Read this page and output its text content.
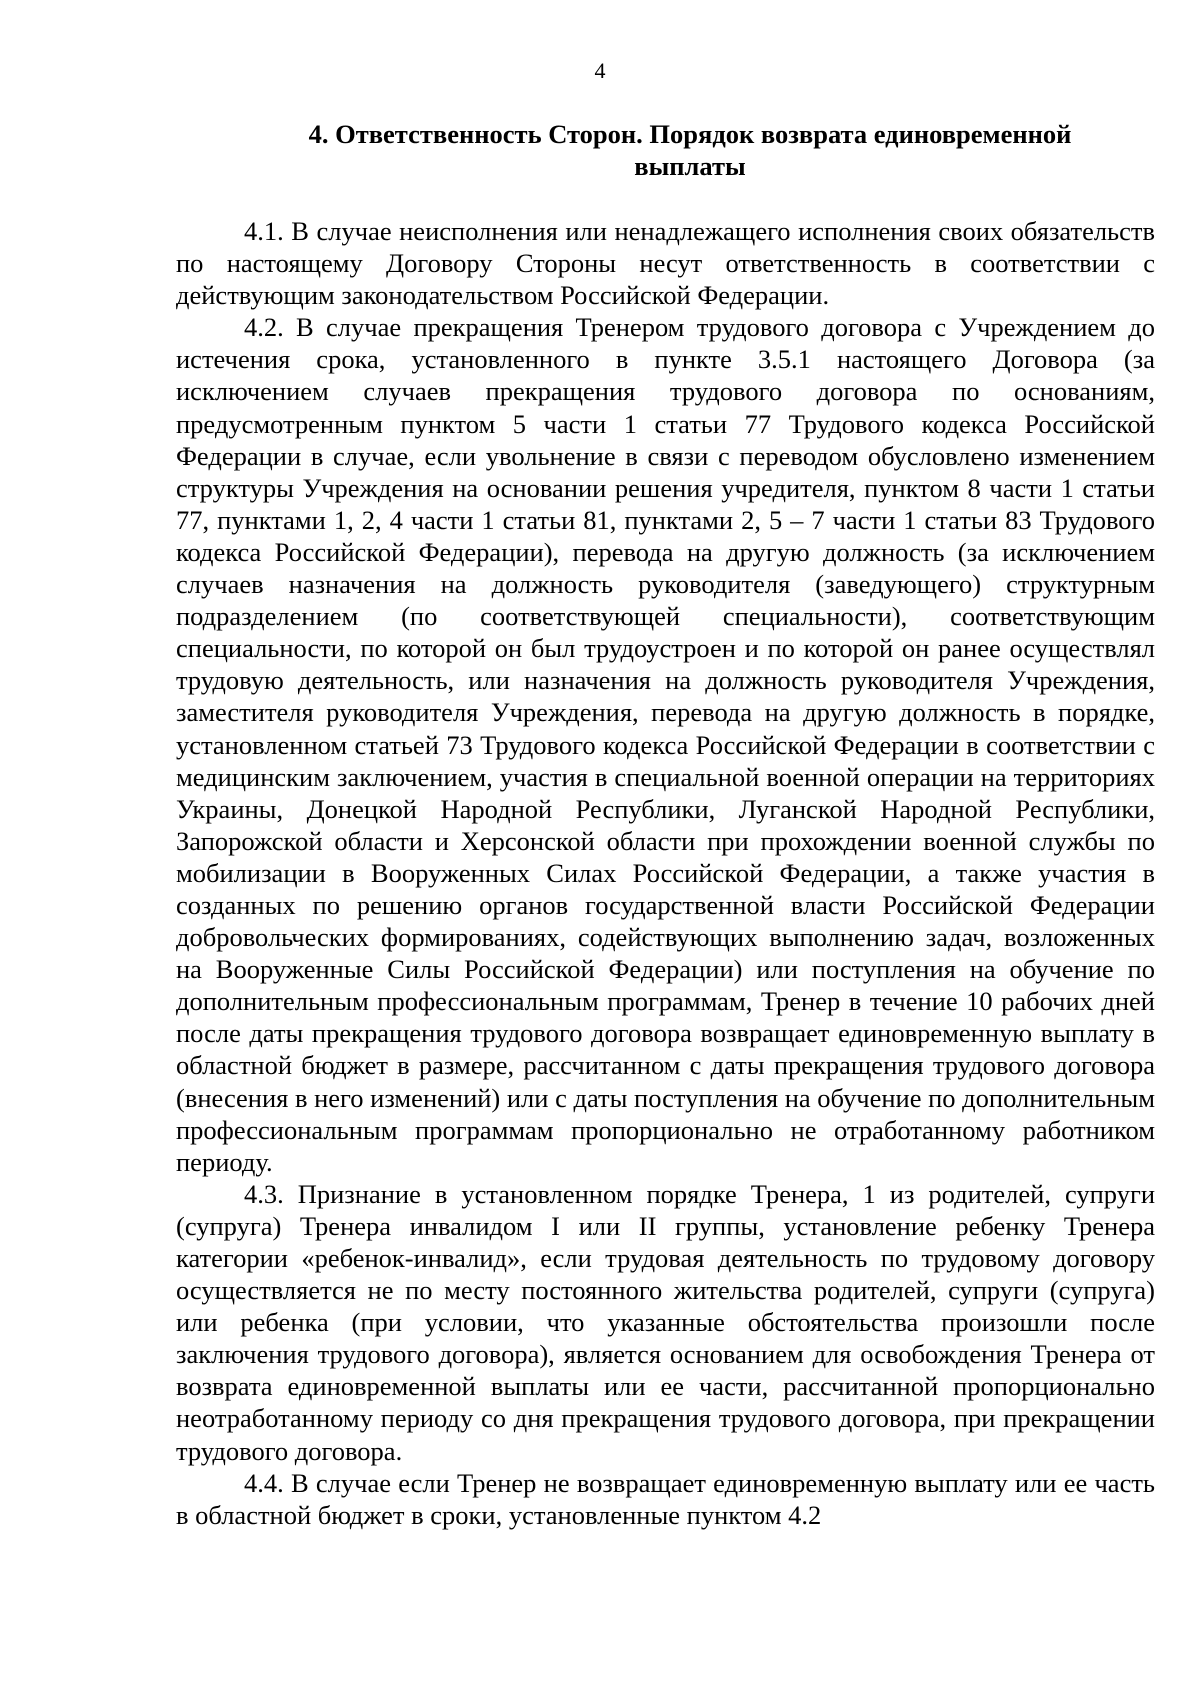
4
4. Ответственность Сторон. Порядок возврата единовременной выплаты

4.1. В случае неисполнения или ненадлежащего исполнения своих обязательств по настоящему Договору Стороны несут ответственность в соответствии с действующим законодательством Российской Федерации.

4.2. В случае прекращения Тренером трудового договора с Учреждением до истечения срока, установленного в пункте 3.5.1 настоящего Договора (за исключением случаев прекращения трудового договора по основаниям, предусмотренным пунктом 5 части 1 статьи 77 Трудового кодекса Российской Федерации в случае, если увольнение в связи с переводом обусловлено изменением структуры Учреждения на основании решения учредителя, пунктом 8 части 1 статьи 77, пунктами 1, 2, 4 части 1 статьи 81, пунктами 2, 5 – 7 части 1 статьи 83 Трудового кодекса Российской Федерации), перевода на другую должность (за исключением случаев назначения на должность руководителя (заведующего) структурным подразделением (по соответствующей специальности), соответствующим специальности, по которой он был трудоустроен и по которой он ранее осуществлял трудовую деятельность, или назначения на должность руководителя Учреждения, заместителя руководителя Учреждения, перевода на другую должность в порядке, установленном статьей 73 Трудового кодекса Российской Федерации в соответствии с медицинским заключением, участия в специальной военной операции на территориях Украины, Донецкой Народной Республики, Луганской Народной Республики, Запорожской области и Херсонской области при прохождении военной службы по мобилизации в Вооруженных Силах Российской Федерации, а также участия в созданных по решению органов государственной власти Российской Федерации добровольческих формированиях, содействующих выполнению задач, возложенных на Вооруженные Силы Российской Федерации) или поступления на обучение по дополнительным профессиональным программам, Тренер в течение 10 рабочих дней после даты прекращения трудового договора возвращает единовременную выплату в областной бюджет в размере, рассчитанном с даты прекращения трудового договора (внесения в него изменений) или с даты поступления на обучение по дополнительным профессиональным программам пропорционально не отработанному работником периоду.

4.3. Признание в установленном порядке Тренера, 1 из родителей, супруги (супруга) Тренера инвалидом I или II группы, установление ребенку Тренера категории «ребенок-инвалид», если трудовая деятельность по трудовому договору осуществляется не по месту постоянного жительства родителей, супруги (супруга) или ребенка (при условии, что указанные обстоятельства произошли после заключения трудового договора), является основанием для освобождения Тренера от возврата единовременной выплаты или ее части, рассчитанной пропорционально неотработанному периоду со дня прекращения трудового договора, при прекращении трудового договора.

4.4. В случае если Тренер не возвращает единовременную выплату или ее часть в областной бюджет в сроки, установленные пунктом 4.2
